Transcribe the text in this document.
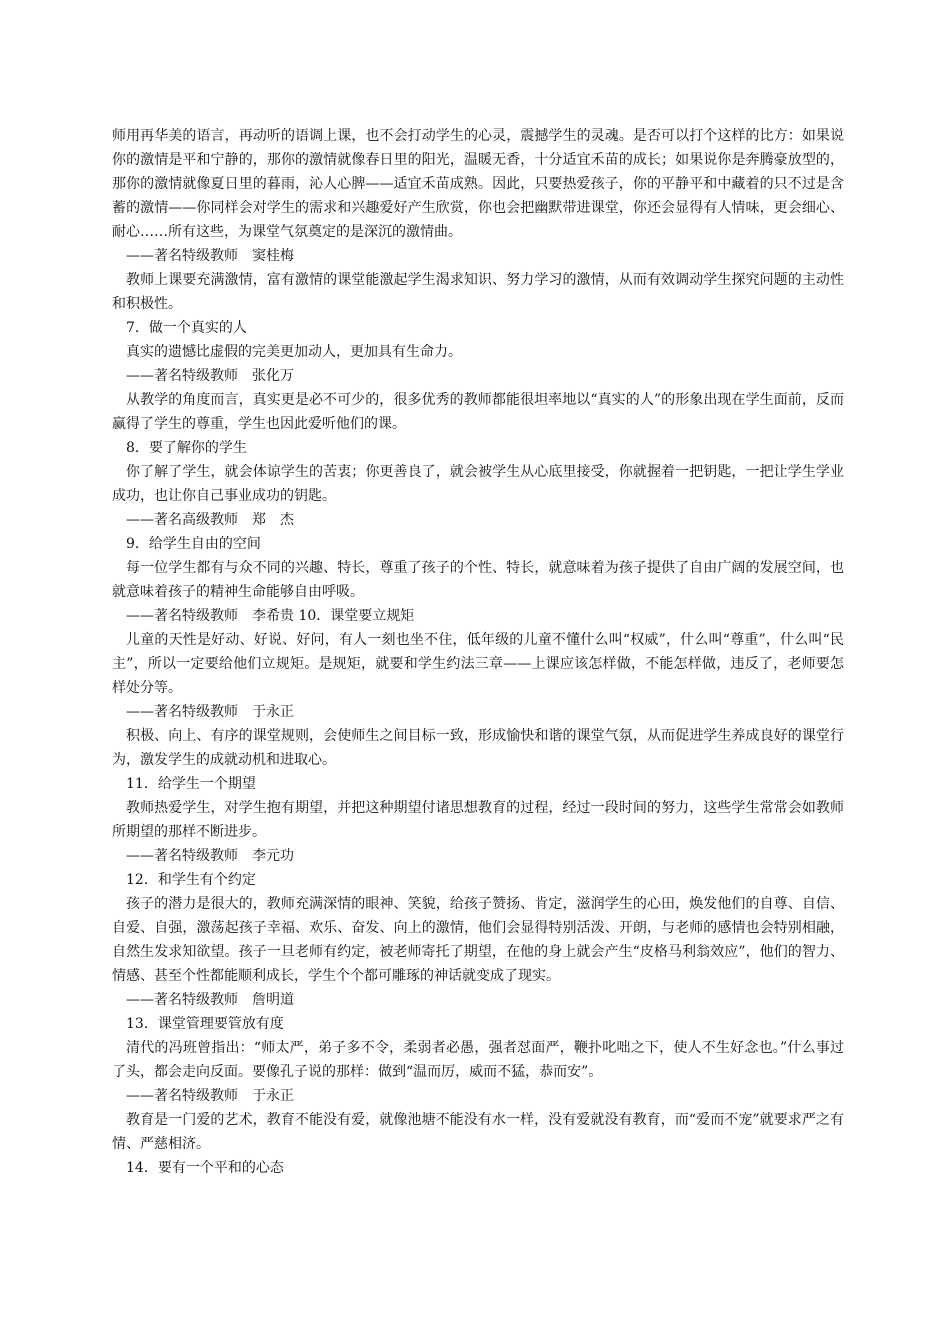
师用再华美的语言，再动听的语调上课，也不会打动学生的心灵，震撼学生的灵魂。是否可以打个这样的比方：如果说你的激情是平和宁静的，那你的激情就像春日里的阳光，温暖无香，十分适宜禾苗的成长；如果说你是奔腾豪放型的，那你的激情就像夏日里的暮雨，沁人心脾——适宜禾苗成熟。因此，只要热爱孩子，你的平静平和中藏着的只不过是含蓄的激情——你同样会对学生的需求和兴趣爱好产生欣赏，你也会把幽默带进课堂，你还会显得有人情味，更会细心、耐心……所有这些，为课堂气氛奠定的是深沉的激情曲。

——著名特级教师　窦桂梅

教师上课要充满激情，富有激情的课堂能激起学生渴求知识、努力学习的激情，从而有效调动学生探究问题的主动性和积极性。

7．做一个真实的人

真实的遗憾比虚假的完美更加动人，更加具有生命力。

——著名特级教师　张化万

从教学的角度而言，真实更是必不可少的，很多优秀的教师都能很坦率地以“真实的人”的形象出现在学生面前，反而赢得了学生的尊重，学生也因此爱听他们的课。

8．要了解你的学生

你了解了学生，就会体谅学生的苦衷；你更善良了，就会被学生从心底里接受，你就握着一把钥匙，一把让学生学业成功，也让你自己事业成功的钥匙。

——著名高级教师　郑　杰

9．给学生自由的空间

每一位学生都有与众不同的兴趣、特长，尊重了孩子的个性、特长，就意味着为孩子提供了自由广阔的发展空间，也就意味着孩子的精神生命能够自由呼吸。

——著名特级教师　李希贵 10．课堂要立规矩

儿童的天性是好动、好说、好问，有人一刻也坐不住，低年级的儿童不懂什么叫“权威”，什么叫“尊重”，什么叫“民主”，所以一定要给他们立规矩。是规矩，就要和学生约法三章——上课应该怎样做，不能怎样做，违反了，老师要怎样处分等。

——著名特级教师　于永正

积极、向上、有序的课堂规则，会使师生之间目标一致，形成愉快和谐的课堂气氛，从而促进学生养成良好的课堂行为，激发学生的成就动机和进取心。

11．给学生一个期望

教师热爱学生，对学生抱有期望，并把这种期望付诸思想教育的过程，经过一段时间的努力，这些学生常常会如教师所期望的那样不断进步。

——著名特级教师　李元功

12．和学生有个约定

孩子的潜力是很大的，教师充满深情的眼神、笑貌，给孩子赞扬、肯定，滋润学生的心田，焕发他们的自尊、自信、自爱、自强，激荡起孩子幸福、欢乐、奋发、向上的激情，他们会显得特别活泼、开朗，与老师的感情也会特别相融，自然生发求知欲望。孩子一旦老师有约定，被老师寄托了期望，在他的身上就会产生“皮格马利翁效应”，他们的智力、情感、甚至个性都能顺利成长，学生个个都可雕琢的神话就变成了现实。

——著名特级教师　詹明道

13．课堂管理要管放有度

清代的冯班曾指出：“师太严，弟子多不令，柔弱者必愚，强者怼面严，鞭扑叱咄之下，使人不生好念也。”什么事过了头，都会走向反面。要像孔子说的那样：做到“温而厉，威而不猛，恭而安”。

——著名特级教师　于永正

教育是一门爱的艺术，教育不能没有爱，就像池塘不能没有水一样，没有爱就没有教育，而“爱而不宠”就要求严之有情、严慈相济。

14．要有一个平和的心态
